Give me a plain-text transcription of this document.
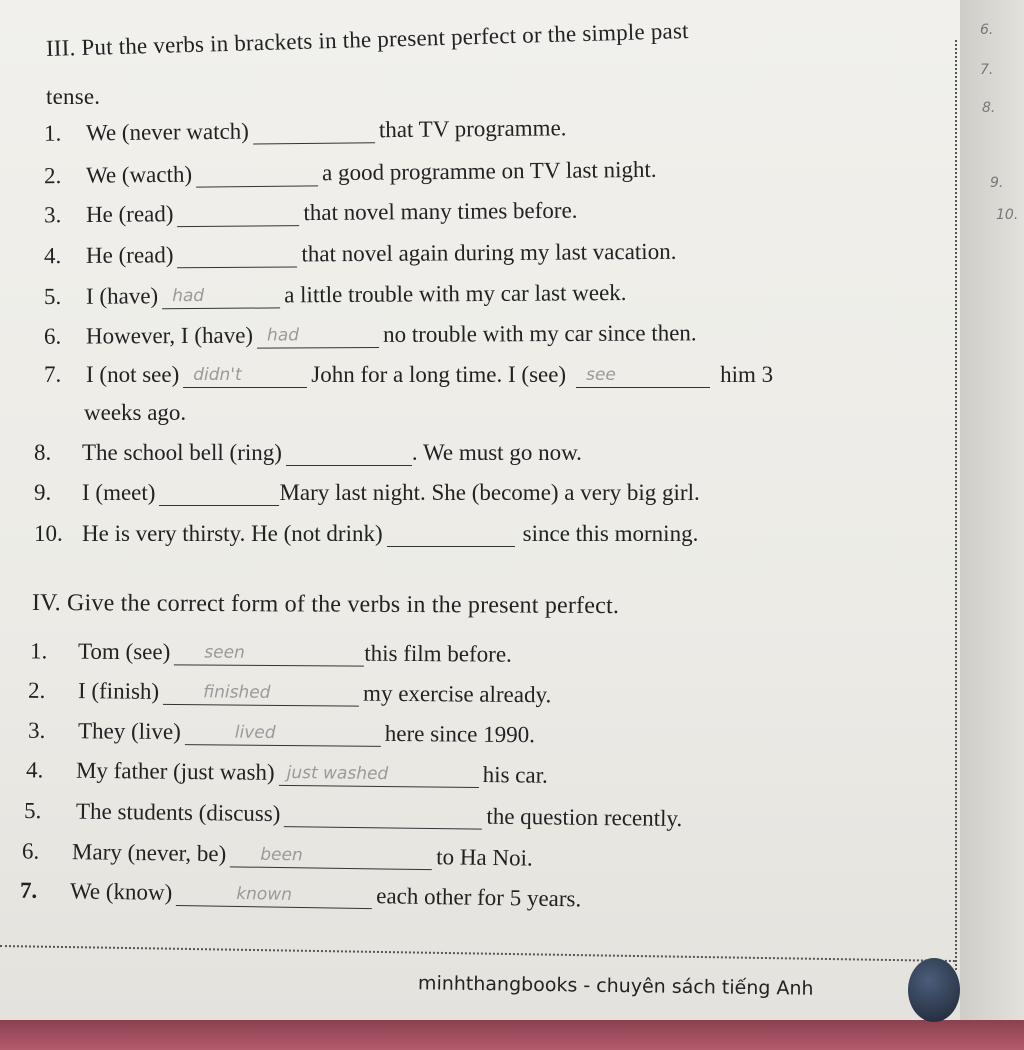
6.
7.
8.
9.
10.
III. Put the verbs in brackets in the present perfect or the simple past
tense.
1.	We (never watch)	that TV programme.
2.	We (wacth)	a good programme on TV last night.
3.	He (read)	that novel many times before.
4.	He (read)	that novel again during my last vacation.
5.	I (have) had	a little trouble with my car last week.
6.	However, I (have) had	no trouble with my car since then.
7.	I (not see) didn't	John for a long time. I (see) see	him 3
weeks ago.
8.	The school bell (ring)	. We must go now.
9.	I (meet)	Mary last night. She (become) a very big girl.
10. He is very thirsty. He (not drink)	since this morning.
IV. Give the correct form of the verbs in the present perfect.
1.	Tom (see) seen	this film before.
2.	I (finish)	finished	my exercise already.
3.	They (live)	lived	here since 1990.
4.	My father (just wash) just washed	his car.
5.	The students (discuss)	the question recently.
6.	Mary (never, be) been	to Ha Noi.
7.	We (know)	known	each other for 5 years.
minhthangbooks - chuyên sách tiếng Anh
